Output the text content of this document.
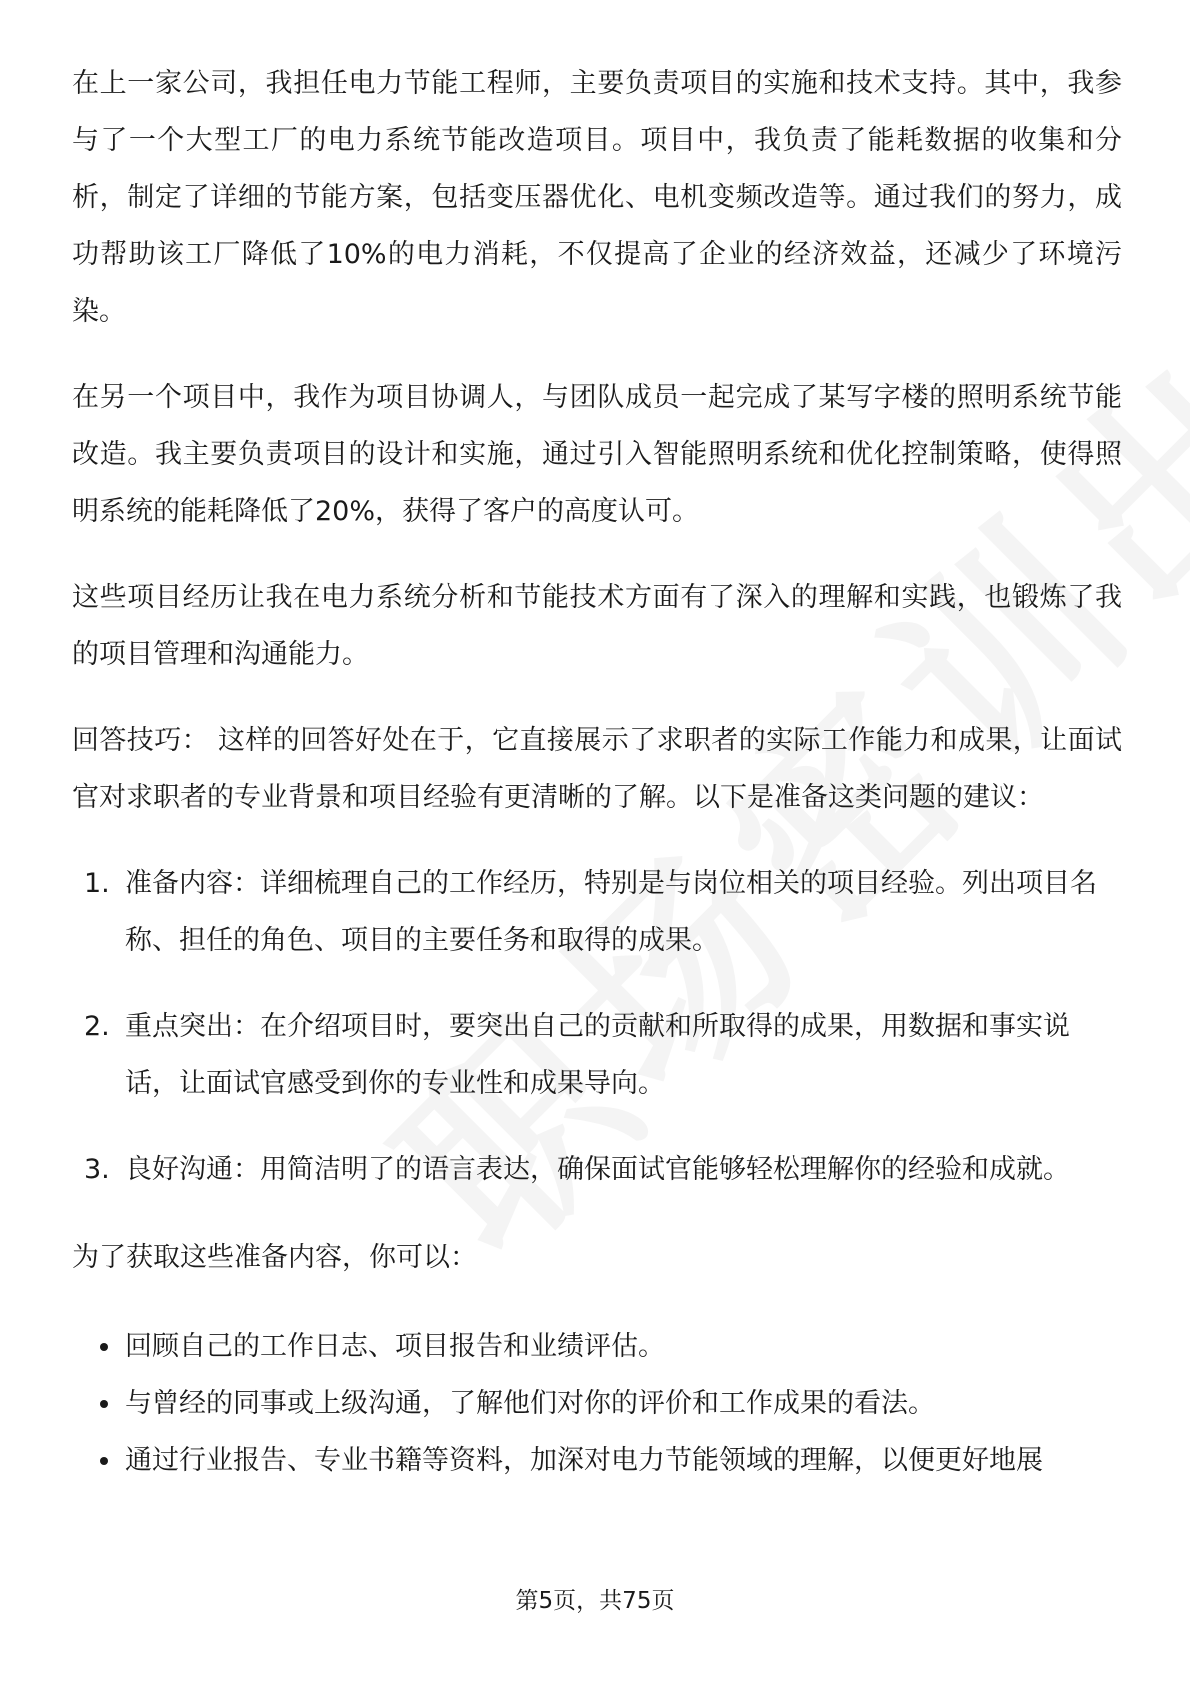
在上一家公司，我担任电力节能工程师，主要负责项目的实施和技术支持。其中，我参与了一个大型工厂的电力系统节能改造项目。项目中，我负责了能耗数据的收集和分析，制定了详细的节能方案，包括变压器优化、电机变频改造等。通过我们的努力，成功帮助该工厂降低了10%的电力消耗，不仅提高了企业的经济效益，还减少了环境污染。

在另一个项目中，我作为项目协调人，与团队成员一起完成了某写字楼的照明系统节能改造。我主要负责项目的设计和实施，通过引入智能照明系统和优化控制策略，使得照明系统的能耗降低了20%，获得了客户的高度认可。

这些项目经历让我在电力系统分析和节能技术方面有了深入的理解和实践，也锻炼了我的项目管理和沟通能力。

回答技巧： 这样的回答好处在于，它直接展示了求职者的实际工作能力和成果，让面试官对求职者的专业背景和项目经验有更清晰的了解。以下是准备这类问题的建议：

1. 准备内容：详细梳理自己的工作经历，特别是与岗位相关的项目经验。列出项目名称、担任的角色、项目的主要任务和取得的成果。
2. 重点突出：在介绍项目时，要突出自己的贡献和所取得的成果，用数据和事实说话，让面试官感受到你的专业性和成果导向。
3. 良好沟通：用简洁明了的语言表达，确保面试官能够轻松理解你的经验和成就。

为了获取这些准备内容，你可以：

回顾自己的工作日志、项目报告和业绩评估。
与曾经的同事或上级沟通，了解他们对你的评价和工作成果的看法。
通过行业报告、专业书籍等资料，加深对电力节能领域的理解，以便更好地展
第5页，共75页
